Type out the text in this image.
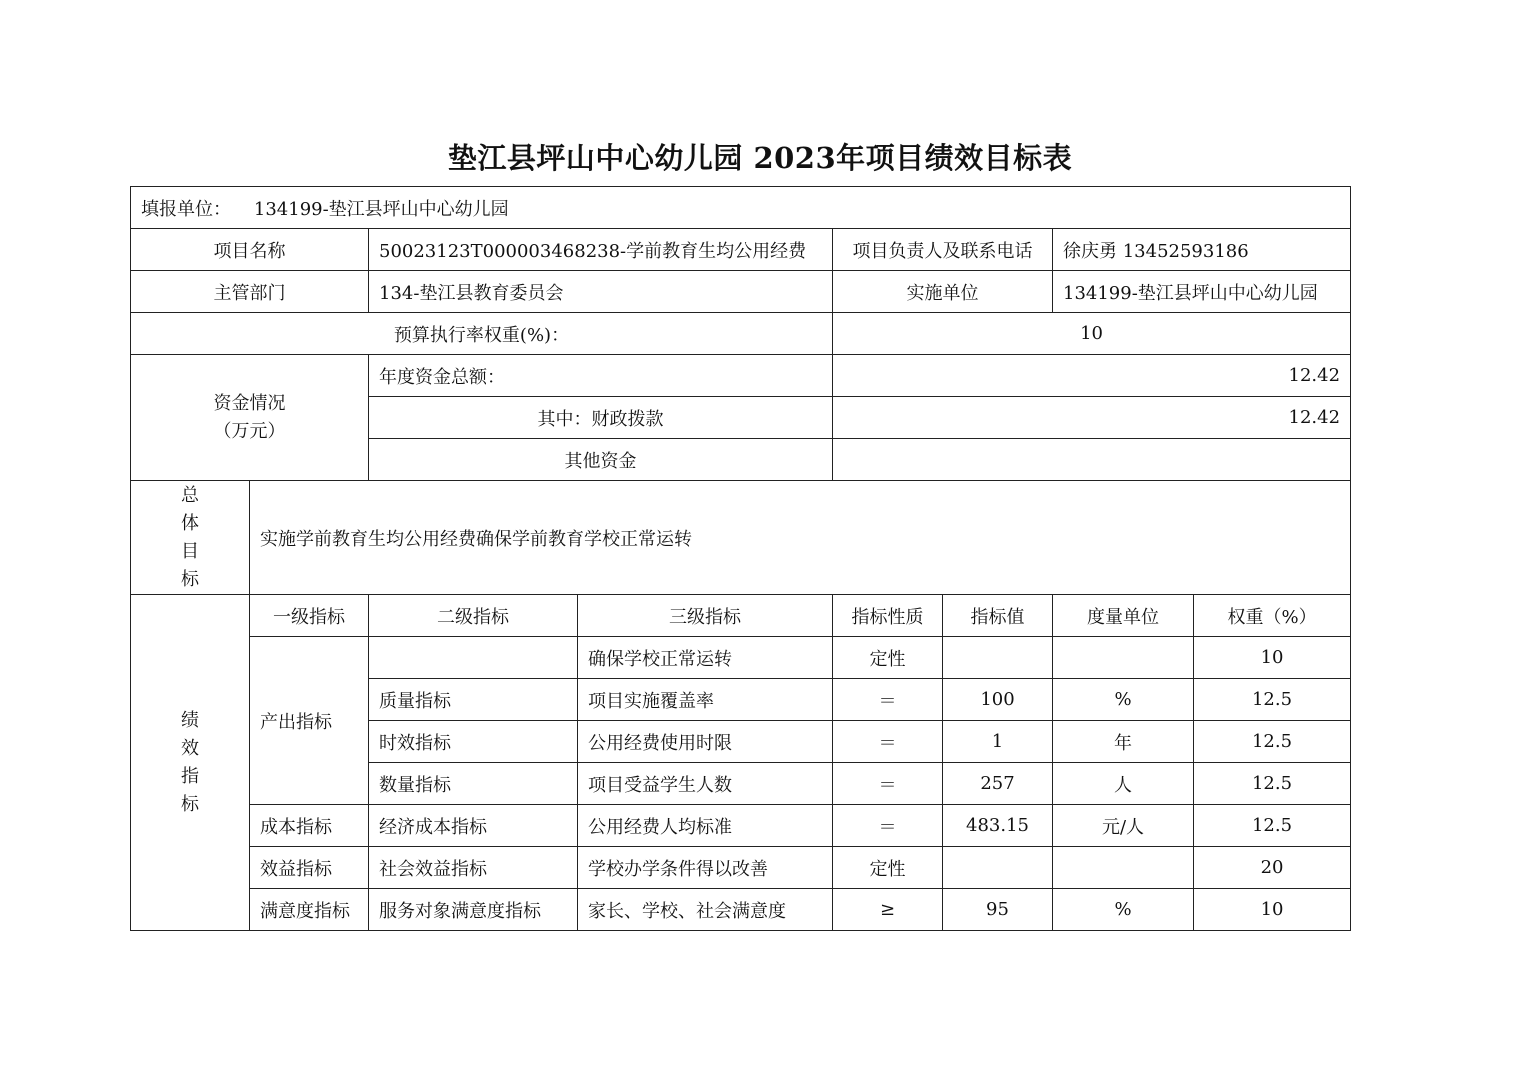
垫江县坪山中心幼儿园 2023年项目绩效目标表
填报单位： 134199-垫江县坪山中心幼儿园							
项目名称		50023123T000003468238-学前教育生均公用经费		项目负责人及联系电话		徐庆勇 13452593186	
主管部门		134-垫江县教育委员会		实施单位		134199-垫江县坪山中心幼儿园	
预算执行率权重(%)：				10			
资金情况
（万元）		年度资金总额：		12.42			
		其中：财政拨款		12.42			
		其他资金					

总
体
目
标	实施学前教育生均公用经费确保学前教育学校正常运转						

绩
效
指
标	一级指标	二级指标	三级指标	指标性质	指标值	度量单位	权重（%）
	产出指标		确保学校正常运转	定性			10
		质量指标	项目实施覆盖率	＝	100	%	12.5
		时效指标	公用经费使用时限	＝	1	年	12.5
		数量指标	项目受益学生人数	＝	257	人	12.5
	成本指标	经济成本指标	公用经费人均标准	＝	483.15	元/人	12.5
	效益指标	社会效益指标	学校办学条件得以改善	定性			20
	满意度指标	服务对象满意度指标	家长、学校、社会满意度	≥	95	%	10
